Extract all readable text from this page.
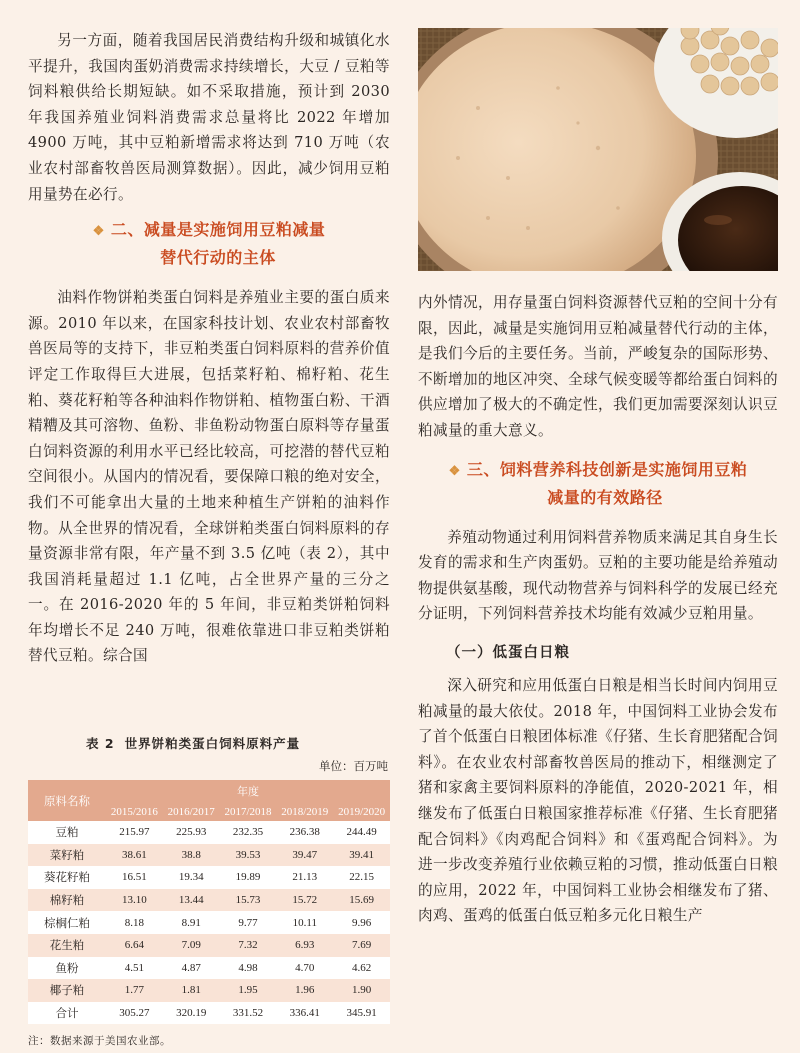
另一方面，随着我国居民消费结构升级和城镇化水平提升，我国肉蛋奶消费需求持续增长，大豆 / 豆粕等饲料粮供给长期短缺。如不采取措施，预计到 2030 年我国养殖业饲料消费需求总量将比 2022 年增加 4900 万吨，其中豆粕新增需求将达到 710 万吨（农业农村部畜牧兽医局测算数据）。因此，减少饲用豆粕用量势在必行。

❖ 二、减量是实施饲用豆粕减量
替代行动的主体

油料作物饼粕类蛋白饲料是养殖业主要的蛋白质来源。2010 年以来，在国家科技计划、农业农村部畜牧兽医局等的支持下，非豆粕类蛋白饲料原料的营养价值评定工作取得巨大进展，包括菜籽粕、棉籽粕、花生粕、葵花籽粕等各种油料作物饼粕、植物蛋白粉、干酒精糟及其可溶物、鱼粉、非鱼粉动物蛋白原料等存量蛋白饲料资源的利用水平已经比较高，可挖潜的替代豆粕空间很小。从国内的情况看，要保障口粮的绝对安全，我们不可能拿出大量的土地来种植生产饼粕的油料作物。从全世界的情况看，全球饼粕类蛋白饲料原料的存量资源非常有限，年产量不到 3.5 亿吨（表 2），其中我国消耗量超过 1.1 亿吨，占全世界产量的三分之一。在 2016-2020 年的 5 年间，非豆粕类饼粕饲料年均增长不足 240 万吨，很难依靠进口非豆粕类饼粕替代豆粕。综合国

内外情况，用存量蛋白饲料资源替代豆粕的空间十分有限，因此，减量是实施饲用豆粕减量替代行动的主体，是我们今后的主要任务。当前，严峻复杂的国际形势、不断增加的地区冲突、全球气候变暖等都给蛋白饲料的供应增加了极大的不确定性，我们更加需要深刻认识豆粕减量的重大意义。

❖ 三、饲料营养科技创新是实施饲用豆粕
减量的有效路径

养殖动物通过利用饲料营养物质来满足其自身生长发育的需求和生产肉蛋奶。豆粕的主要功能是给养殖动物提供氨基酸，现代动物营养与饲料科学的发展已经充分证明，下列饲料营养技术均能有效减少豆粕用量。

（一）低蛋白日粮

深入研究和应用低蛋白日粮是相当长时间内饲用豆粕减量的最大依仗。2018 年，中国饲料工业协会发布了首个低蛋白日粮团体标准《仔猪、生长育肥猪配合饲料》。在农业农村部畜牧兽医局的推动下，相继测定了猪和家禽主要饲料原料的净能值，2020-2021 年，相继发布了低蛋白日粮国家推荐标准《仔猪、生长育肥猪配合饲料》《肉鸡配合饲料》和《蛋鸡配合饲料》。为进一步改变养殖行业依赖豆粕的习惯，推动低蛋白日粮的应用，2022 年，中国饲料工业协会相继发布了猪、肉鸡、蛋鸡的低蛋白低豆粕多元化日粮生产

表 2 世界饼粕类蛋白饲料原料产量
单位：百万吨
原料名称	年度				
	2015/2016	2016/2017	2017/2018	2018/2019	2019/2020
豆粕	215.97	225.93	232.35	236.38	244.49
菜籽粕	38.61	38.8	39.53	39.47	39.41
葵花籽粕	16.51	19.34	19.89	21.13	22.15
棉籽粕	13.10	13.44	15.73	15.72	15.69
棕榈仁粕	8.18	8.91	9.77	10.11	9.96
花生粕	6.64	7.09	7.32	6.93	7.69
鱼粉	4.51	4.87	4.98	4.70	4.62
椰子粕	1.77	1.81	1.95	1.96	1.90
合计	305.27	320.19	331.52	336.41	345.91
注：数据来源于美国农业部。
